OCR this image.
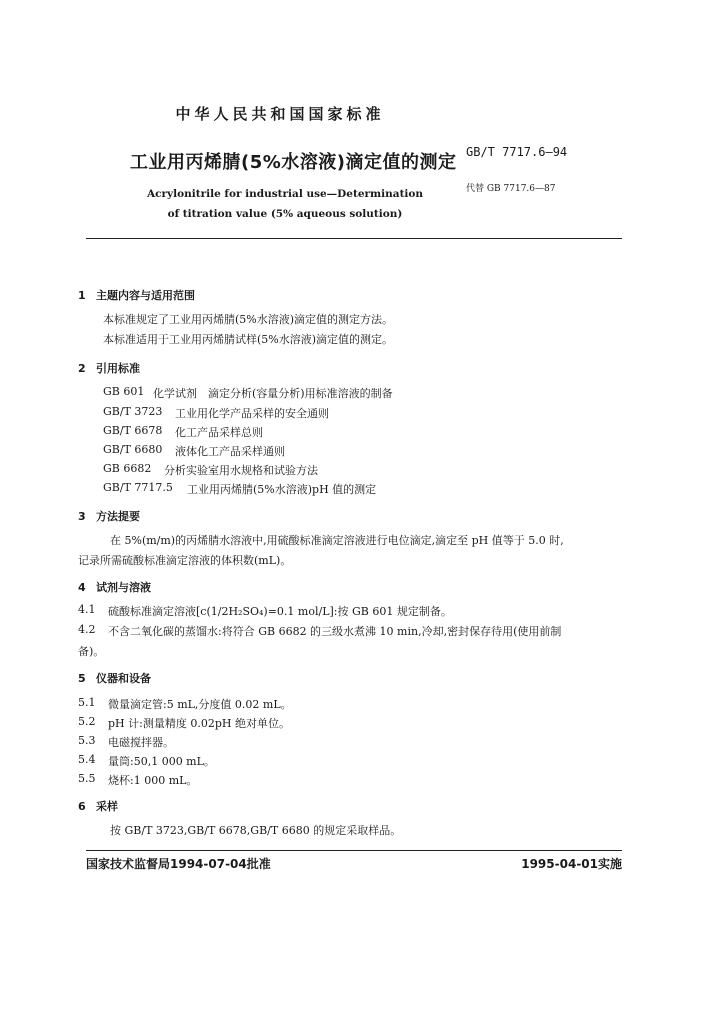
中华人民共和国国家标准
工业用丙烯腈(5%水溶液)滴定值的测定 GB/T 7717.6—94
代替 GB 7717.6—87
Acrylonitrile for industrial use—Determination
of titration value (5% aqueous solution)
1 主题内容与适用范围
本标准规定了工业用丙烯腈(5%水溶液)滴定值的测定方法。
本标准适用于工业用丙烯腈试样(5%水溶液)滴定值的测定。
2 引用标准
GB 601 化学试剂　滴定分析(容量分析)用标准溶液的制备
GB/T 3723 工业用化学产品采样的安全通则
GB/T 6678 化工产品采样总则
GB/T 6680 液体化工产品采样通则
GB 6682 分析实验室用水规格和试验方法
GB/T 7717.5 工业用丙烯腈(5%水溶液)pH 值的测定
3 方法提要
在 5%(m/m)的丙烯腈水溶液中,用硫酸标准滴定溶液进行电位滴定,滴定至 pH 值等于 5.0 时,
记录所需硫酸标准滴定溶液的体积数(mL)。
4 试剂与溶液
4.1 硫酸标准滴定溶液[c(1/2H₂SO₄)=0.1 mol/L]:按 GB 601 规定制备。
4.2 不含二氧化碳的蒸馏水:将符合 GB 6682 的三级水煮沸 10 min,冷却,密封保存待用(使用前制
备)。
5 仪器和设备
5.1 微量滴定管:5 mL,分度值 0.02 mL。
5.2 pH 计:测量精度 0.02pH 绝对单位。
5.3 电磁搅拌器。
5.4 量筒:50,1 000 mL。
5.5 烧杯:1 000 mL。
6 采样
按 GB/T 3723,GB/T 6678,GB/T 6680 的规定采取样品。
国家技术监督局1994-07-04批准	1995-04-01实施
